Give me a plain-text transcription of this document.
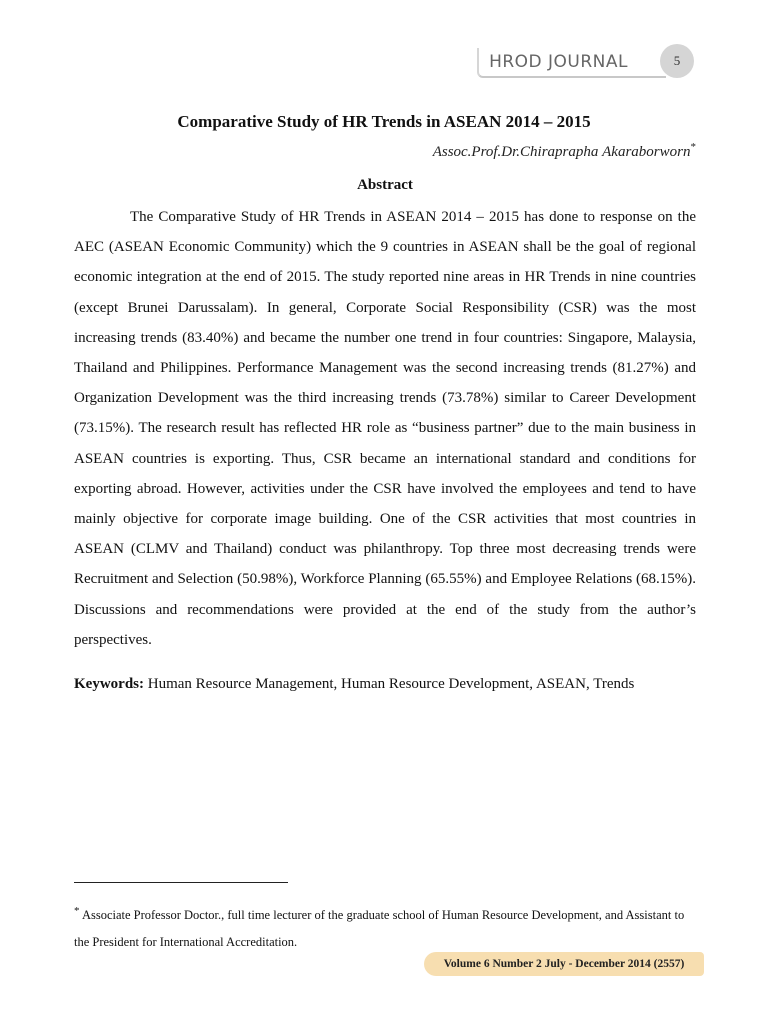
HROD JOURNAL	5
Comparative Study of HR Trends in ASEAN 2014 – 2015
Assoc.Prof.Dr.Chirapraphа Akaraborworn*
Abstract

The Comparative Study of HR Trends in ASEAN 2014 – 2015 has done to response on the AEC (ASEAN Economic Community) which the 9 countries in ASEAN shall be the goal of regional economic integration at the end of 2015. The study reported nine areas in HR Trends in nine countries (except Brunei Darussalam). In general, Corporate Social Responsibility (CSR) was the most increasing trends (83.40%) and became the number one trend in four countries: Singapore, Malaysia, Thailand and Philippines. Performance Management was the second increasing trends (81.27%) and Organization Development was the third increasing trends (73.78%) similar to Career Development (73.15%). The research result has reflected HR role as “business partner” due to the main business in ASEAN countries is exporting. Thus, CSR became an international standard and conditions for exporting abroad. However, activities under the CSR have involved the employees and tend to have mainly objective for corporate image building. One of the CSR activities that most countries in ASEAN (CLMV and Thailand) conduct was philanthropy. Top three most decreasing trends were Recruitment and Selection (50.98%), Workforce Planning (65.55%) and Employee Relations (68.15%). Discussions and recommendations were provided at the end of the study from the author’s perspectives.

Keywords: Human Resource Management, Human Resource Development, ASEAN, Trends

* Associate Professor Doctor., full time lecturer of the graduate school of Human Resource Development, and Assistant to the President for International Accreditation.

Volume 6 Number 2 July - December 2014 (2557)
